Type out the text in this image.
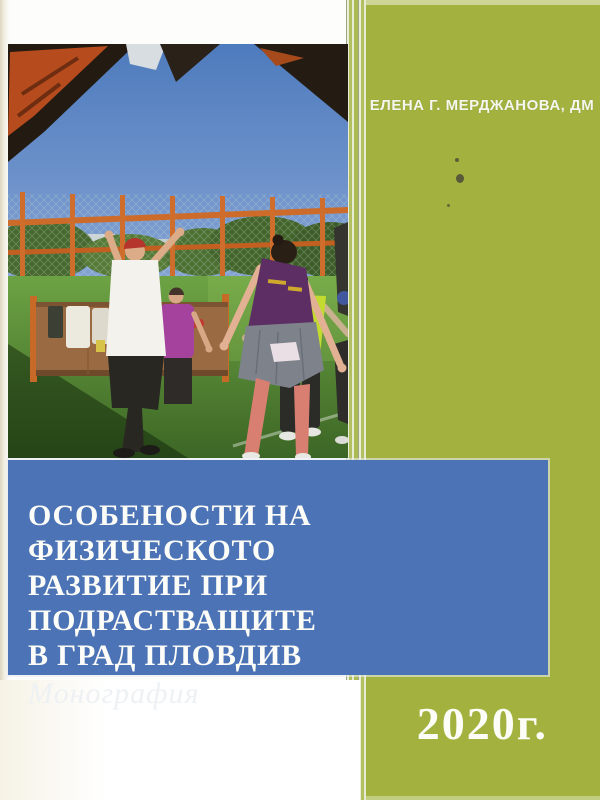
ЕЛЕНА Г. МЕРДЖАНОВА, ДМ
ОСОБЕНОСТИ НА ФИЗИЧЕСКОТО
РАЗВИТИЕ ПРИ ПОДРАСТВАЩИТЕ
В ГРАД ПЛОВДИВ
Монография
2020г.
